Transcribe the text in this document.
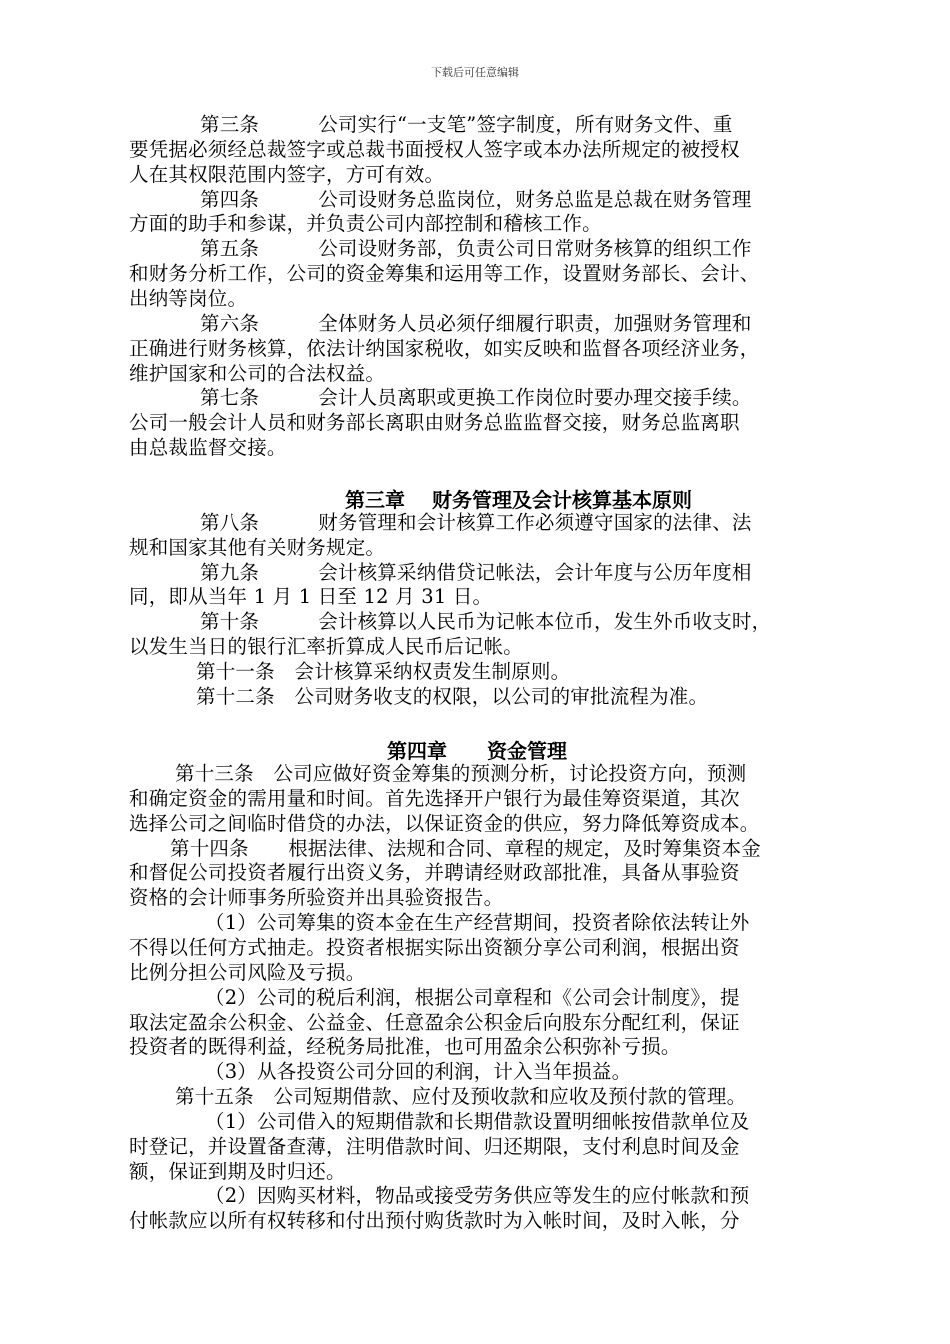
下载后可任意编辑
第三条　　　公司实行“一支笔”签字制度，所有财务文件、重
要凭据必须经总裁签字或总裁书面授权人签字或本办法所规定的被授权
人在其权限范围内签字，方可有效。
第四条　　　公司设财务总监岗位，财务总监是总裁在财务管理
方面的助手和参谋，并负责公司内部控制和稽核工作。
第五条　　　公司设财务部，负责公司日常财务核算的组织工作
和财务分析工作，公司的资金筹集和运用等工作，设置财务部长、会计、
出纳等岗位。
第六条　　　全体财务人员必须仔细履行职责，加强财务管理和
正确进行财务核算，依法计纳国家税收，如实反映和监督各项经济业务，
维护国家和公司的合法权益。
第七条　　　会计人员离职或更换工作岗位时要办理交接手续。
公司一般会计人员和财务部长离职由财务总监监督交接，财务总监离职
由总裁监督交接。
第八条　　　财务管理和会计核算工作必须遵守国家的法律、法
规和国家其他有关财务规定。
第九条　　　会计核算采纳借贷记帐法，会计年度与公历年度相
同，即从当年 1 月 1 日至 12 月 31 日。
第十条　　　会计核算以人民币为记帐本位币，发生外币收支时，
以发生当日的银行汇率折算成人民币后记帐。
第十一条　会计核算采纳权责发生制原则。
第十二条　公司财务收支的权限，以公司的审批流程为准。
第十三条　公司应做好资金筹集的预测分析，讨论投资方向，预测
和确定资金的需用量和时间。首先选择开户银行为最佳筹资渠道，其次
选择公司之间临时借贷的办法，以保证资金的供应，努力降低筹资成本。
第十四条　　根据法律、法规和合同、章程的规定，及时筹集资本金
和督促公司投资者履行出资义务，并聘请经财政部批准，具备从事验资
资格的会计师事务所验资并出具验资报告。
（1）公司筹集的资本金在生产经营期间，投资者除依法转让外
不得以任何方式抽走。投资者根据实际出资额分享公司利润，根据出资
比例分担公司风险及亏损。
（2）公司的税后利润，根据公司章程和《公司会计制度》，提
取法定盈余公积金、公益金、任意盈余公积金后向股东分配红利，保证
投资者的既得利益，经税务局批准，也可用盈余公积弥补亏损。
（3）从各投资公司分回的利润，计入当年损益。
第十五条　公司短期借款、应付及预收款和应收及预付款的管理。
（1）公司借入的短期借款和长期借款设置明细帐按借款单位及
时登记，并设置备查薄，注明借款时间、归还期限，支付利息时间及金
额，保证到期及时归还。
（2）因购买材料，物品或接受劳务供应等发生的应付帐款和预
付帐款应以所有权转移和付出预付购货款时为入帐时间，及时入帐，分
第三章　 财务管理及会计核算基本原则
第四章　　资金管理
